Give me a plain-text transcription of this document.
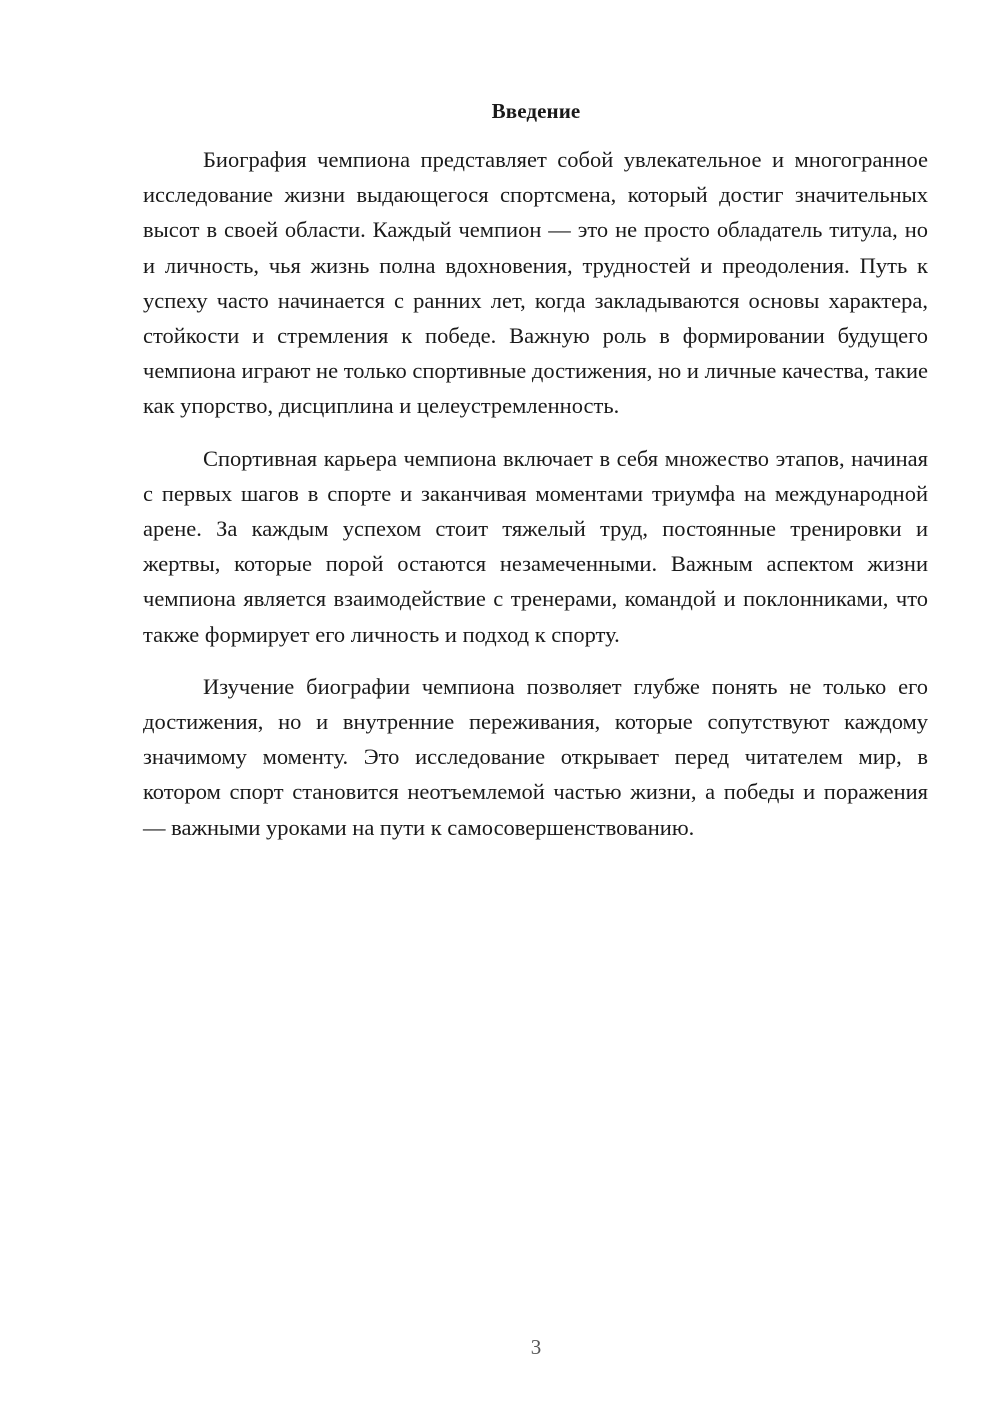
Введение

Биография чемпиона представляет собой увлекательное и многогранное исследование жизни выдающегося спортсмена, который достиг значительных высот в своей области. Каждый чемпион — это не просто обладатель титула, но и личность, чья жизнь полна вдохновения, трудностей и преодоления. Путь к успеху часто начинается с ранних лет, когда закладываются основы характера, стойкости и стремления к победе. Важную роль в формировании будущего чемпиона играют не только спортивные достижения, но и личные качества, такие как упорство, дисциплина и целеустремленность.

Спортивная карьера чемпиона включает в себя множество этапов, начиная с первых шагов в спорте и заканчивая моментами триумфа на международной арене. За каждым успехом стоит тяжелый труд, постоянные тренировки и жертвы, которые порой остаются незамеченными. Важным аспектом жизни чемпиона является взаимодействие с тренерами, командой и поклонниками, что также формирует его личность и подход к спорту.

Изучение биографии чемпиона позволяет глубже понять не только его достижения, но и внутренние переживания, которые сопутствуют каждому значимому моменту. Это исследование открывает перед читателем мир, в котором спорт становится неотъемлемой частью жизни, а победы и поражения — важными уроками на пути к самосовершенствованию.

3
